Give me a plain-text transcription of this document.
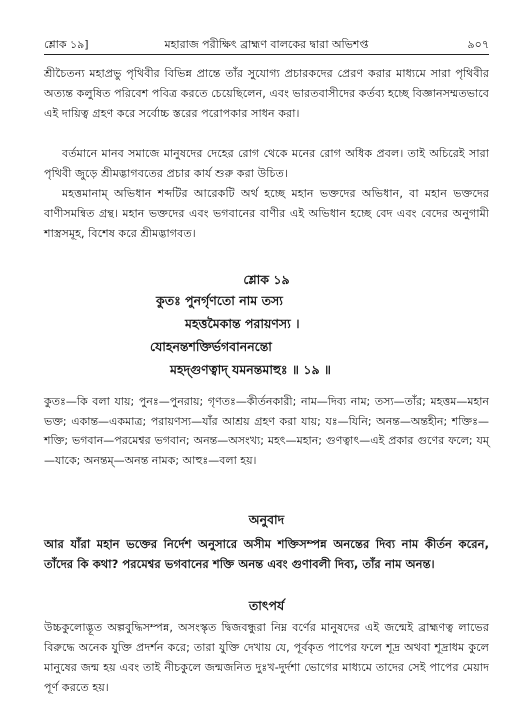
শ্লোক ১৯]	মহারাজ পরীক্ষিৎ ব্রাহ্মণ বালকের দ্বারা অভিশপ্ত	৯০৭

শ্রীচৈতন্য মহাপ্রভু পৃথিবীর বিভিন্ন প্রান্তে তাঁর সুযোগ্য প্রচারকদের প্রেরণ করার মাধ্যমে সারা পৃথিবীর অত্যন্ত কলুষিত পরিবেশ পবিত্র করতে চেয়েছিলেন, এবং ভারতবাসীদের কর্তব্য হচ্ছে বিজ্ঞানসম্মতভাবে এই দায়িত্ব গ্রহণ করে সর্বোচ্চ স্তরের পরোপকার সাধন করা।

বর্তমানে মানব সমাজে মানুষদের দেহের রোগ থেকে মনের রোগ অধিক প্রবল। তাই অচিরেই সারা পৃথিবী জুড়ে শ্রীমদ্ভাগবতের প্রচার কার্য শুরু করা উচিত।

মহত্তমানাম্ অভিধান শব্দটির আরেকটি অর্থ হচ্ছে মহান ভক্তদের অভিধান, বা মহান ভক্তদের বাণীসমন্বিত গ্রন্থ। মহান ভক্তদের এবং ভগবানের বাণীর এই অভিধান হচ্ছে বেদ এবং বেদের অনুগামী শাস্ত্রসমূহ, বিশেষ করে শ্রীমদ্ভাগবত।

শ্লোক ১৯
কুতঃ পুনর্গৃণতো নাম তস্য
মহত্তমৈকান্ত পরায়ণস্য ।
যোহনন্তশক্তির্ভগবাননন্তো
মহদ্গুণত্বাদ্ যমনন্তমাহুঃ ॥ ১৯ ॥

কুতঃ—কি বলা যায়; পুনঃ—পুনরায়; গৃণতঃ—কীর্তনকারী; নাম—দিব্য নাম; তস্য—তাঁর; মহত্তম—মহান ভক্ত; একান্ত—একমাত্র; পরায়ণস্য—যাঁর আশ্রয় গ্রহণ করা যায়; যঃ—যিনি; অনন্ত—অন্তহীন; শক্তিঃ—শক্তি; ভগবান—পরমেশ্বর ভগবান; অনন্ত—অসংখ্য; মহৎ—মহান; গুণত্বাৎ—এই প্রকার গুণের ফলে; যম্—যাকে; অনন্তম্—অনন্ত নামক; আহুঃ—বলা হয়।

অনুবাদ

আর যাঁরা মহান ভক্তের নির্দেশ অনুসারে অসীম শক্তিসম্পন্ন অনন্তের দিব্য নাম কীর্তন করেন, তাঁদের কি কথা? পরমেশ্বর ভগবানের শক্তি অনন্ত এবং গুণাবলী দিব্য, তাঁর নাম অনন্ত।

তাৎপর্য

উচ্চকুলোদ্ভূত অল্পবুদ্ধিসম্পন্ন, অসংস্কৃত দ্বিজবন্ধুরা নিম্ন বর্ণের মানুষদের এই জন্মেই ব্রাহ্মণত্ব লাভের বিরুদ্ধে অনেক যুক্তি প্রদর্শন করে; তারা যুক্তি দেখায় যে, পূর্বকৃত পাপের ফলে শূদ্র অথবা শূদ্রাধম কুলে মানুষের জন্ম হয় এবং তাই নীচকুলে জন্মজনিত দুঃখ-দুর্দশা ভোগের মাধ্যমে তাদের সেই পাপের মেয়াদ পূর্ণ করতে হয়।
